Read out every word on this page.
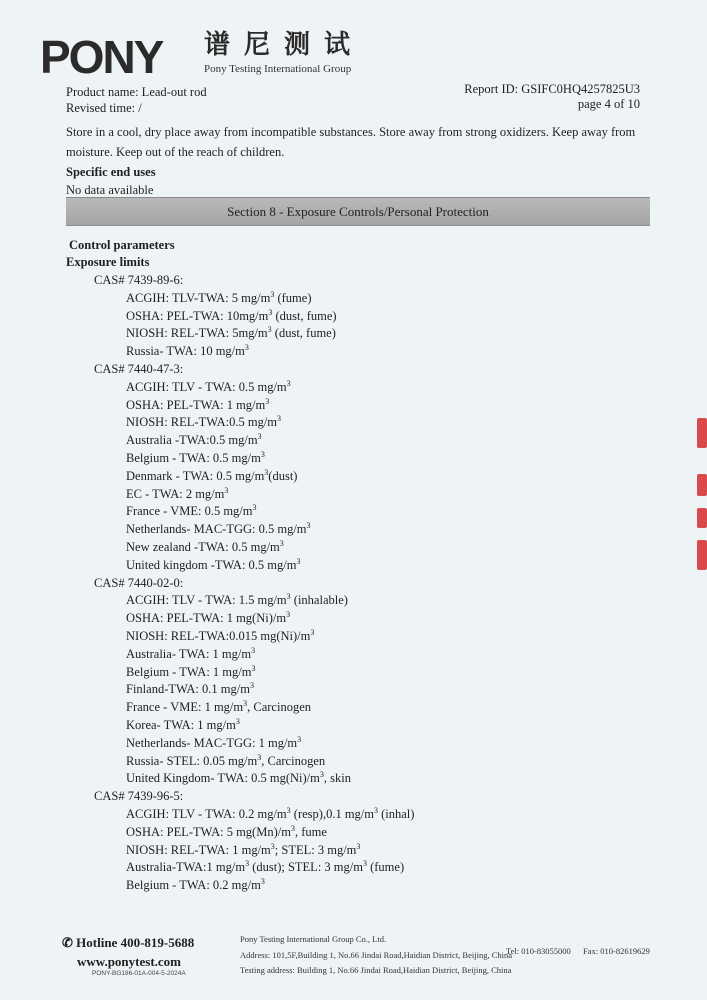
PONY 谱尼测试
Pony Testing International Group
Product name: Lead-out rod
Revised time: /
Report ID: GSIFC0HQ4257825U3
page 4 of 10
Store in a cool, dry place away from incompatible substances. Store away from strong oxidizers. Keep away from moisture. Keep out of the reach of children.
Specific end uses
No data available
Section 8 - Exposure Controls/Personal Protection
Control parameters
Exposure limits
CAS# 7439-89-6:
ACGIH: TLV-TWA: 5 $mg/m^3$ (fume)
OSHA: PEL-TWA: $10mg/m^3$ (dust, fume)
NIOSH: REL-TWA: $5mg/m^3$ (dust, fume)
Russia- TWA: 10 $mg/m^3$
CAS# 7440-47-3:
ACGIH: TLV - TWA: 0.5 $mg/m^3$
OSHA: PEL-TWA: 1 $mg/m^3$
NIOSH: REL-TWA:0.5 $mg/m^3$
Australia -TWA:0.5 $mg/m^3$
Belgium - TWA: 0.5 $mg/m^3$
Denmark - TWA: 0.5 $mg/m^3(dust)$
EC - TWA: 2 $mg/m^3$
France - VME: 0.5 $mg/m^3$
Netherlands- MAC-TGG: 0.5 $mg/m^3$
New zealand -TWA: 0.5 $mg/m^3$
United kingdom -TWA: 0.5 $mg/m^3$
CAS# 7440-02-0:
ACGIH: TLV - TWA: 1.5 $mg/m^3$ (inhalable)
OSHA: PEL-TWA: 1 $mg(Ni)/m^3$
NIOSH: REL-TWA:0.015 $mg(Ni)/m^3$
Australia- TWA: 1 $mg/m^3$
Belgium - TWA: 1 $mg/m^3$
Finland-TWA: 0.1 $mg/m^3$
France - VME: 1 $mg/m^3$, Carcinogen
Korea- TWA: 1 $mg/m^3$
Netherlands- MAC-TGG: 1 $mg/m^3$
Russia- STEL: 0.05 $mg/m^3$, Carcinogen
United Kingdom- TWA: 0.5 $mg(Ni)/m^3$, skin
CAS# 7439-96-5:
ACGIH: TLV - TWA: 0.2 $mg/m^3$ (resp),0.1 $mg/m^3$ (inhal)
OSHA: PEL-TWA: 5 $mg(Mn)/m^3$, fume
NIOSH: REL-TWA: 1 $mg/m^3$; STEL: 3 $mg/m^3$
Australia-TWA:1 $mg/m^3$ (dust); STEL: 3 $mg/m^3$ (fume)
Belgium - TWA: 0.2 $mg/m^3$
✆ Hotline 400-819-5688
www.ponytest.com
PONY-BG186-01A-004-5-2024A
Pony Testing International Group Co., Ltd.
Address: 101,5F,Building 1, No.66 Jindai Road,Haidian District, Beijing, China
Testing address: Building 1, No.66 Jindai Road,Haidian District, Beijing, China
Tel: 010-83055000 Fax: 010-82619629
